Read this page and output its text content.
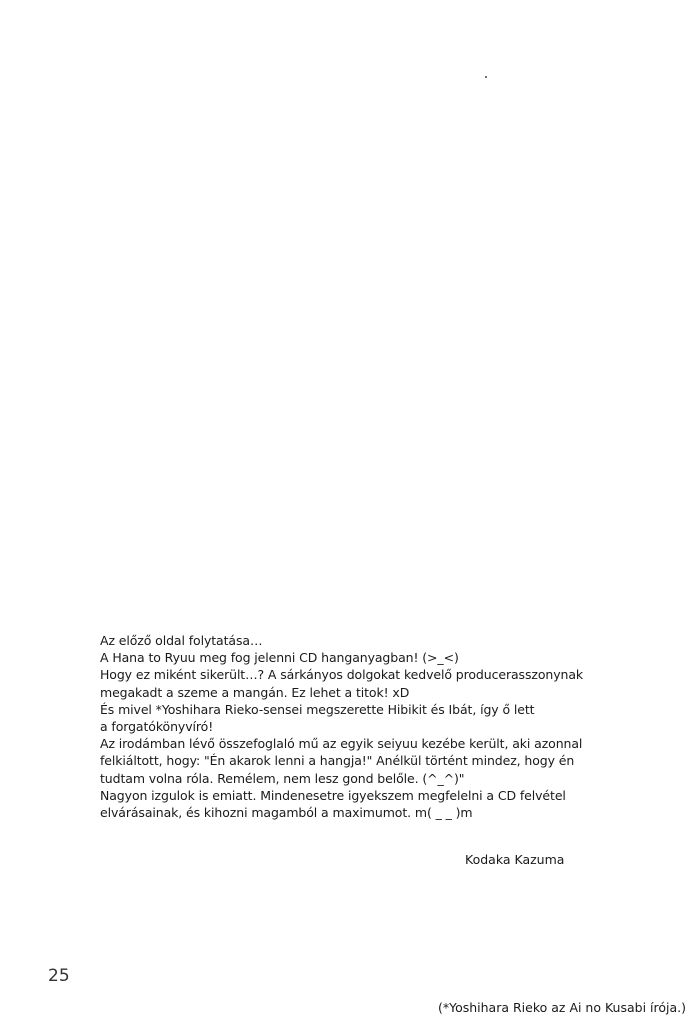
Az előző oldal folytatása…
A Hana to Ryuu meg fog jelenni CD hanganyagban! (>_<)
Hogy ez miként sikerült…? A sárkányos dolgokat kedvelő producerasszonynak
megakadt a szeme a mangán. Ez lehet a titok! xD
És mivel *Yoshihara Rieko-sensei megszerette Hibikit és Ibát, így ő lett
a forgatókönyvíró!
Az irodámban lévő összefoglaló mű az egyik seiyuu kezébe került, aki azonnal
felkiáltott, hogy: "Én akarok lenni a hangja!" Anélkül történt mindez, hogy én
tudtam volna róla. Remélem, nem lesz gond belőle. (^_^)"
Nagyon izgulok is emiatt. Mindenesetre igyekszem megfelelni a CD felvétel
elvárásainak, és kihozni magamból a maximumot. m( _ _ )m
Kodaka Kazuma
25
(*Yoshihara Rieko az Ai no Kusabi írója.)
